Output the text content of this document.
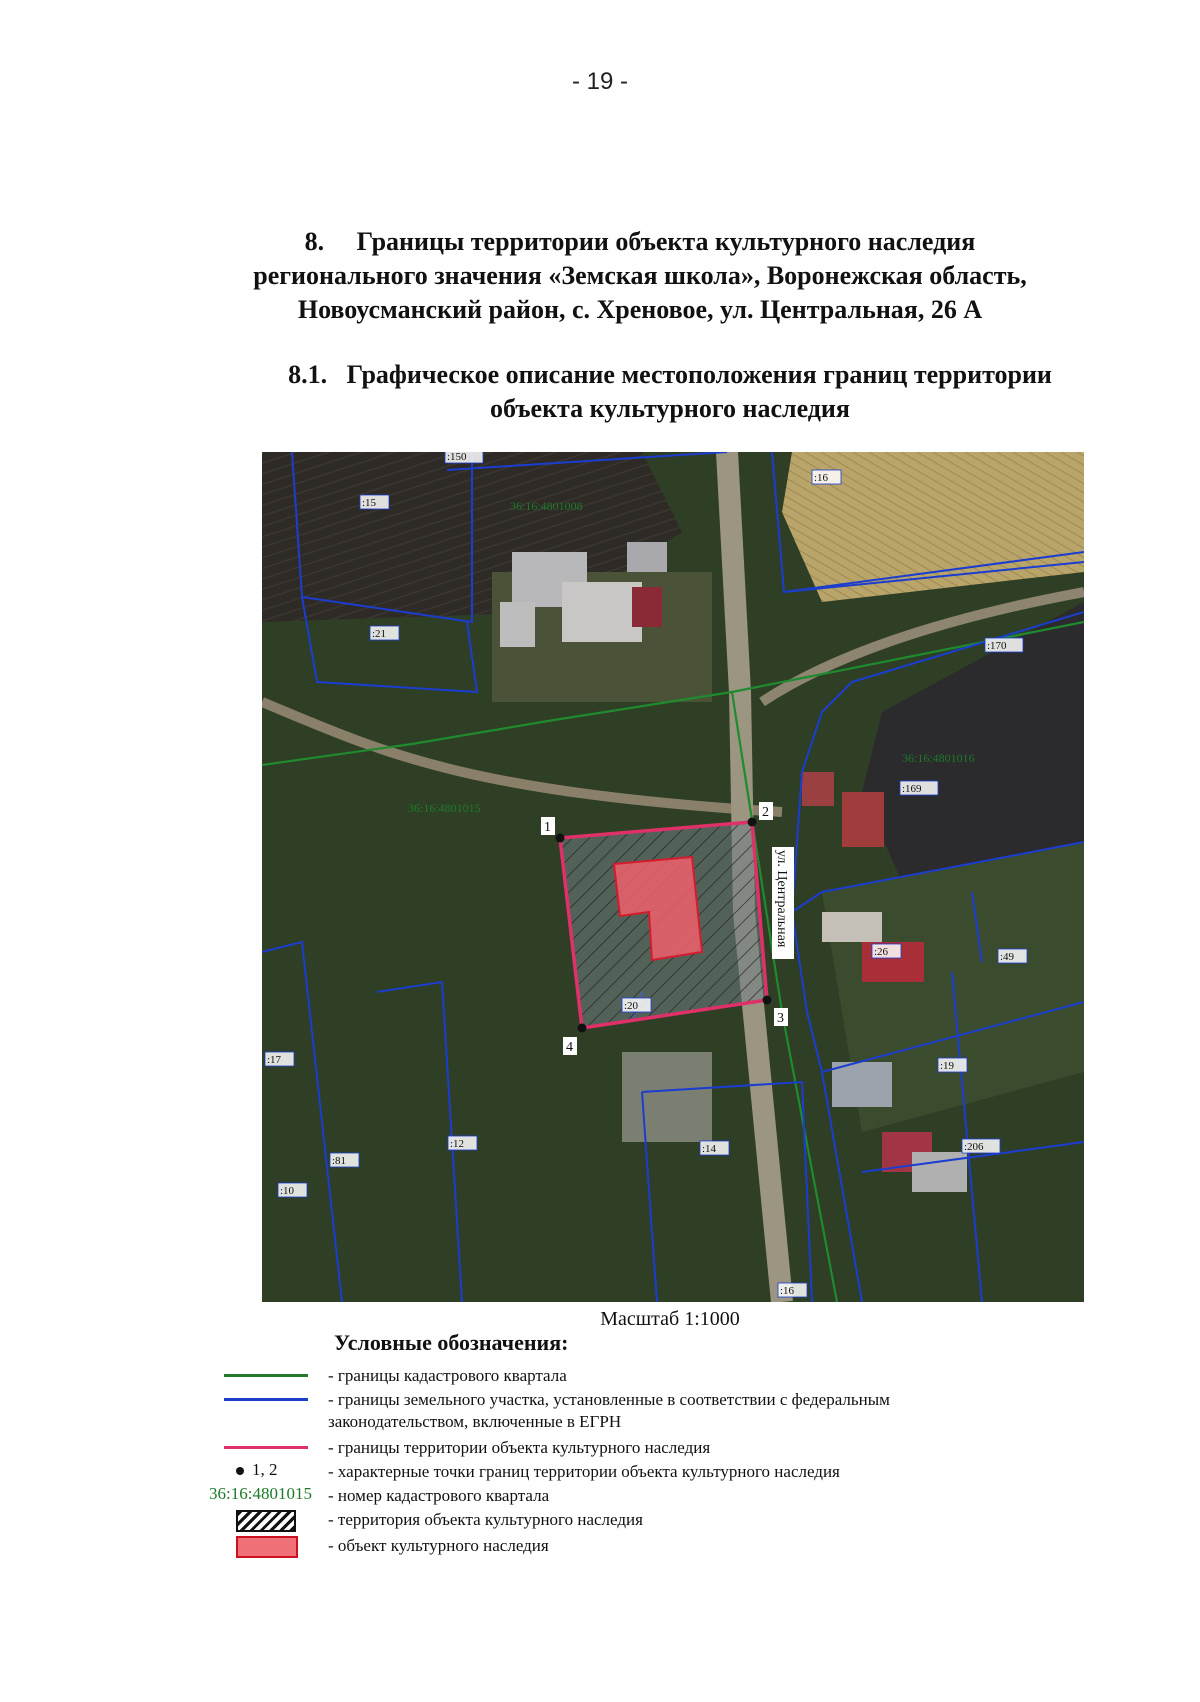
- 19 -
8.     Границы территории объекта культурного наследия
регионального значения «Земская школа», Воронежская область,
Новоусманский район, с. Хреновое, ул. Центральная, 26 А
8.1.   Графическое описание местоположения границ территории
объекта культурного наследия
1
2
3
4
ул. Центральная
36:16:4801008
36:16:4801016
36:16:4801015
:150
:15
:16
:21
:170
:169
:26	:49
:19
:206
:17
:12
:81
:10
:14
:16
:20
Масштаб 1:1000
Условные обозначения:
- границы кадастрового квартала
- границы земельного участка, установленные в соответствии с федеральным законодательством, включенные в ЕГРН
- границы территории объекта культурного наследия
1, 2	- характерные точки границ территории объекта культурного наследия
36:16:4801015 - номер кадастрового квартала
- территория объекта культурного наследия
- объект культурного наследия
